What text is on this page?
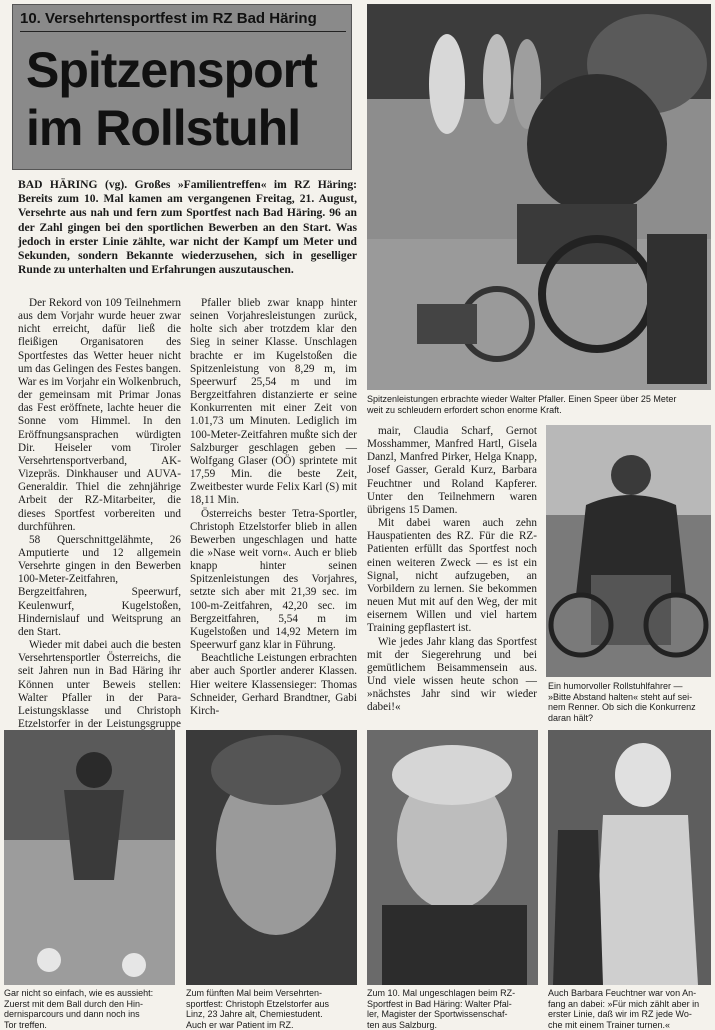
10. Versehrtensportfest im RZ Bad Häring
Spitzensport
im Rollstuhl
BAD HÄRING (vg). Großes »Familientreffen« im RZ Häring: Bereits zum 10. Mal kamen am vergangenen Freitag, 21. August, Versehrte aus nah und fern zum Sportfest nach Bad Häring. 96 an der Zahl gingen bei den sportlichen Bewerben an den Start. Was jedoch in erster Linie zählte, war nicht der Kampf um Meter und Sekunden, sondern Bekannte wiederzusehen, sich in geselliger Runde zu unterhalten und Erfahrungen auszutauschen.
Spitzenleistungen erbrachte wieder Walter Pfaller. Einen Speer über 25 Meter
weit zu schleudern erfordert schon enorme Kraft.

Der Rekord von 109 Teilnehmern aus dem Vorjahr wurde heuer zwar nicht erreicht, dafür ließ die fleißigen Organisatoren des Sportfestes das Wetter heuer nicht um das Gelingen des Festes bangen. War es im Vorjahr ein Wolkenbruch, der gemeinsam mit Primar Jonas das Fest eröffnete, lachte heuer die Sonne vom Himmel. In den Eröffnungsansprachen würdigten Dir. Heiseler vom Tiroler Versehrtensportverband, AK-Vizepräs. Dinkhauser und AUVA-Generaldir. Thiel die zehnjährige Arbeit der RZ-Mitarbeiter, die dieses Sportfest vorbereiten und durchführen.

58 Querschnittgelähmte, 26 Amputierte und 12 allgemein Versehrte gingen in den Bewerben 100-Meter-Zeitfahren, Bergzeitfahren, Speerwurf, Keulenwurf, Kugelstoßen, Hindernislauf und Weitsprung an den Start.

Wieder mit dabei auch die besten Versehrtensportler Österreichs, die seit Jahren nun in Bad Häring ihr Können unter Beweis stellen: Walter Pfaller in der Para-Leistungsklasse und Christoph Etzelstorfer in der Leistungsgruppe

Pfaller blieb zwar knapp hinter seinen Vorjahresleistungen zurück, holte sich aber trotzdem klar den Sieg in seiner Klasse. Unschlagen brachte er im Kugelstoßen die Spitzenleistung von 8,29 m, im Speerwurf 25,54 m und im Bergzeitfahren distanzierte er seine Konkurrenten mit einer Zeit von 1.01,73 um Minuten. Lediglich im 100-Meter-Zeitfahren mußte sich der Salzburger geschlagen geben — Wolfgang Glaser (OÖ) sprintete mit 17,59 Min. die beste Zeit, Zweitbester wurde Felix Karl (S) mit 18,11 Min.

Österreichs bester Tetra-Sportler, Christoph Etzelstorfer blieb in allen Bewerben ungeschlagen und hatte die »Nase weit vorn«. Auch er blieb knapp hinter seinen Spitzenleistungen des Vorjahres, setzte sich aber mit 21,39 sec. im 100-m-Zeitfahren, 42,20 sec. im Bergzeitfahren, 5,54 m im Kugelstoßen und 14,92 Metern im Speerwurf ganz klar in Führung.

Beachtliche Leistungen erbrachten aber auch Sportler anderer Klassen. Hier weitere Klassensieger: Thomas Schneider, Gerhard Brandtner, Gabi Kirch-

mair, Claudia Scharf, Gernot Mosshammer, Manfred Hartl, Gisela Danzl, Manfred Pirker, Helga Knapp, Josef Gasser, Gerald Kurz, Barbara Feuchtner und Roland Kapferer. Unter den Teilnehmern waren übrigens 15 Damen.

Mit dabei waren auch zehn Hauspatienten des RZ. Für die RZ- Patienten erfüllt das Sportfest noch einen weiteren Zweck — es ist ein Signal, nicht aufzugeben, an Vorbildern zu lernen. Sie bekommen neuen Mut mit auf den Weg, der mit eisernem Willen und viel hartem Training gepflastert ist.

Wie jedes Jahr klang das Sportfest mit der Siegerehrung und bei gemütlichem Beisammensein aus. Und viele wissen heute schon — »nächstes Jahr sind wir wieder dabei!«

Ein humorvoller Rollstuhlfahrer —
»Bitte Abstand halten« steht auf sei-
nem Renner. Ob sich die Konkurrenz
daran hält?
Gar nicht so einfach, wie es aussieht:
Zuerst mit dem Ball durch den Hin-
dernisparcours und dann noch ins
Tor treffen.
Zum fünften Mal beim Versehrten-
sportfest: Christoph Etzelstorfer aus
Linz, 23 Jahre alt, Chemiestudent.
Auch er war Patient im RZ.
Zum 10. Mal ungeschlagen beim RZ-
Sportfest in Bad Häring: Walter Pfal-
ler, Magister der Sportwissenschaf-
ten aus Salzburg.
Auch Barbara Feuchtner war von An-
fang an dabei: »Für mich zählt aber in
erster Linie, daß wir im RZ jede Wo-
che mit einem Trainer turnen.«
